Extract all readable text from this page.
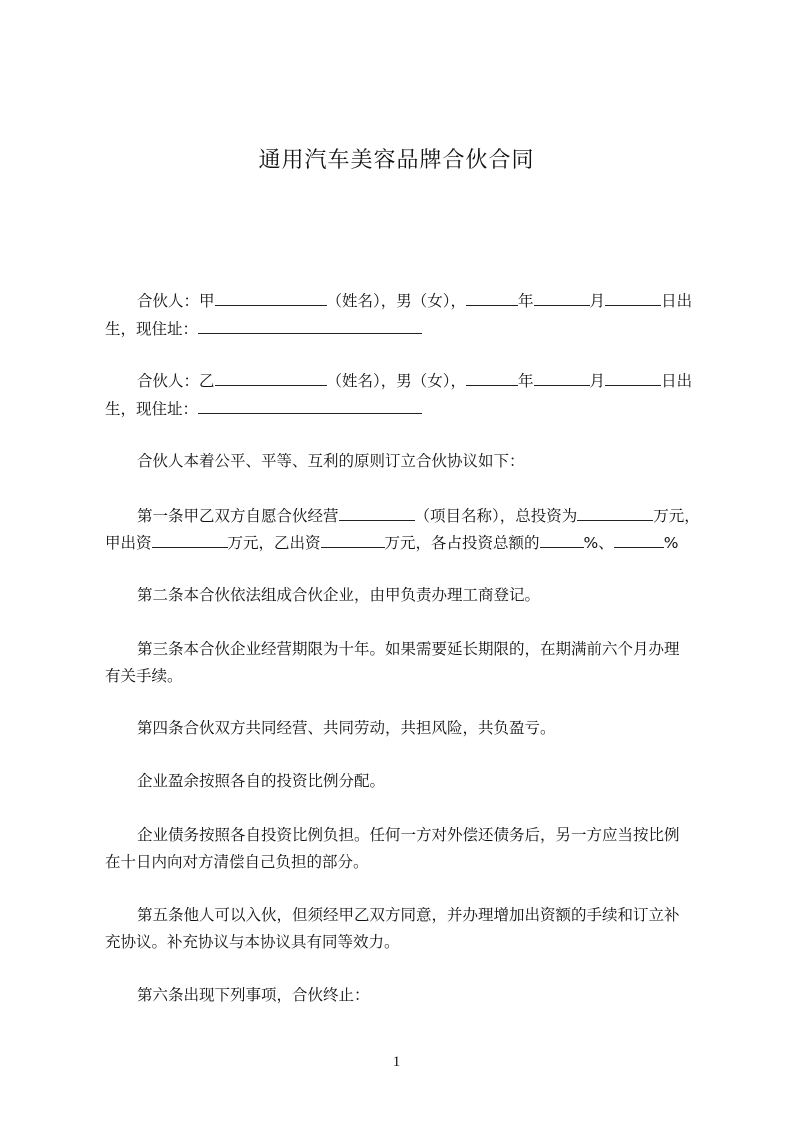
通用汽车美容品牌合伙合同
合伙人：甲	（姓名），男（女），	年	月	日出
生，现住址：
合伙人：乙	（姓名），男（女），	年	月	日出
生，现住址：
合伙人本着公平、平等、互利的原则订立合伙协议如下：
第一条甲乙双方自愿合伙经营	（项目名称），总投资为	万元，
甲出资	万元，乙出资	万元，各占投资总额的	%、	%
第二条本合伙依法组成合伙企业，由甲负责办理工商登记。
第三条本合伙企业经营期限为十年。如果需要延长期限的，在期满前六个月办理
有关手续。
第四条合伙双方共同经营、共同劳动，共担风险，共负盈亏。
企业盈余按照各自的投资比例分配。
企业债务按照各自投资比例负担。任何一方对外偿还债务后，另一方应当按比例
在十日内向对方清偿自己负担的部分。
第五条他人可以入伙，但须经甲乙双方同意，并办理增加出资额的手续和订立补
充协议。补充协议与本协议具有同等效力。
第六条出现下列事项，合伙终止：
1
